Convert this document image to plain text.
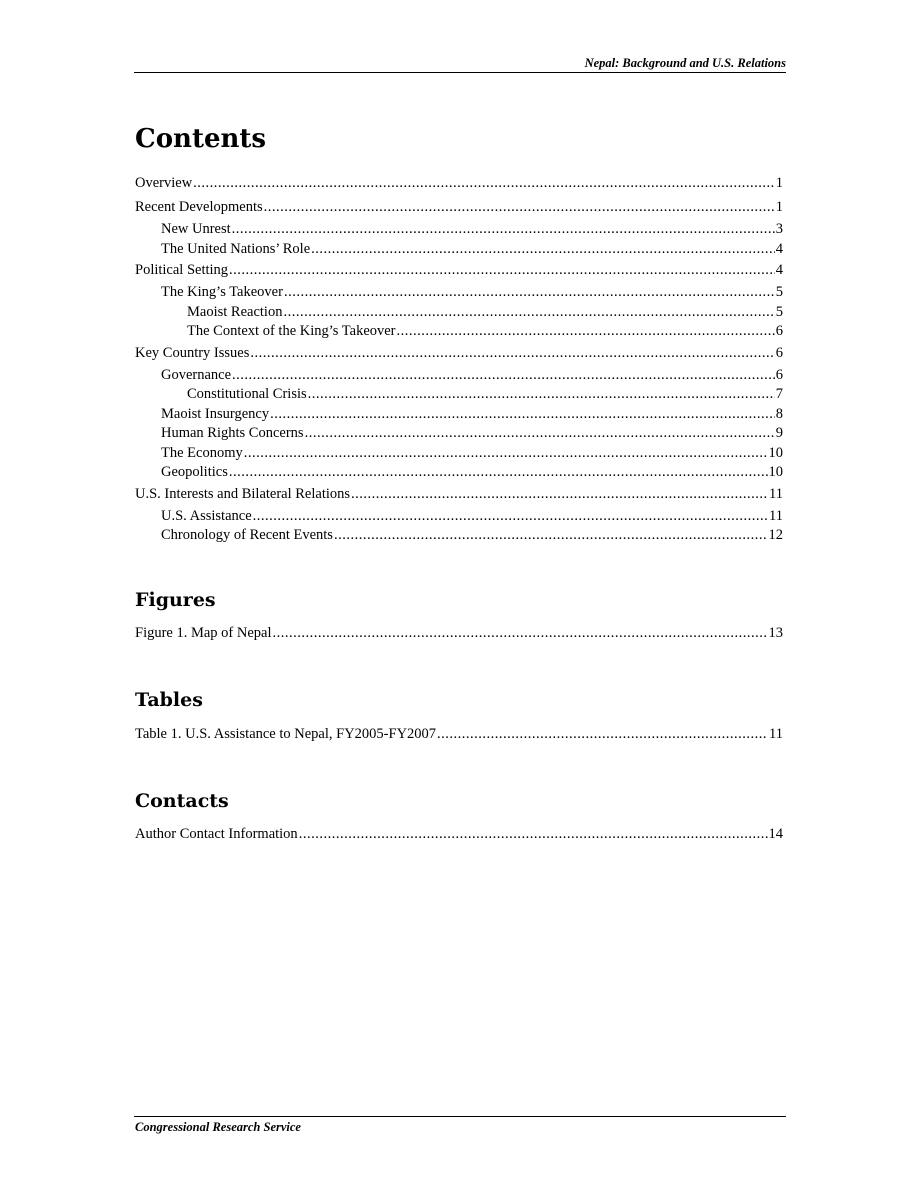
Nepal: Background and U.S. Relations
Contents
Overview .....	1
Recent Developments .....	1
New Unrest .....	3
The United Nations’ Role .....	4
Political Setting .....	4
The King’s Takeover .....	5
Maoist Reaction .....	5
The Context of the King’s Takeover .....	6
Key Country Issues .....	6
Governance .....	6
Constitutional Crisis .....	7
Maoist Insurgency .....	8
Human Rights Concerns .....	9
The Economy .....	10
Geopolitics .....	10
U.S. Interests and Bilateral Relations .....	11
U.S. Assistance .....	11
Chronology of Recent Events .....	12
Figures
Figure 1. Map of Nepal .....	13
Tables
Table 1. U.S. Assistance to Nepal, FY2005-FY2007 .....	11
Contacts
Author Contact Information .....	14
Congressional Research Service
